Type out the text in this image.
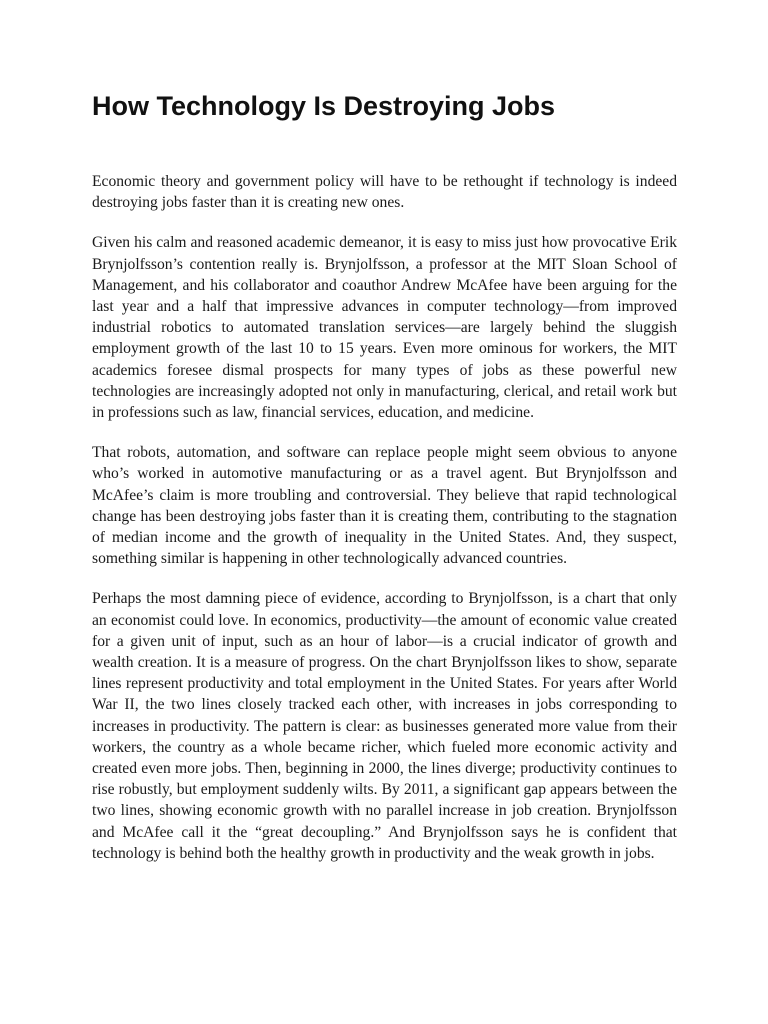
How Technology Is Destroying Jobs

Economic theory and government policy will have to be rethought if technology is indeed destroying jobs faster than it is creating new ones.

Given his calm and reasoned academic demeanor, it is easy to miss just how provocative Erik Brynjolfsson’s contention really is. Brynjolfsson, a professor at the MIT Sloan School of Management, and his collaborator and coauthor Andrew McAfee have been arguing for the last year and a half that impressive advances in computer technology—from improved industrial robotics to automated translation services—are largely behind the sluggish employment growth of the last 10 to 15 years. Even more ominous for workers, the MIT academics foresee dismal prospects for many types of jobs as these powerful new technologies are increasingly adopted not only in manufacturing, clerical, and retail work but in professions such as law, financial services, education, and medicine.

That robots, automation, and software can replace people might seem obvious to anyone who’s worked in automotive manufacturing or as a travel agent. But Brynjolfsson and McAfee’s claim is more troubling and controversial. They believe that rapid technological change has been destroying jobs faster than it is creating them, contributing to the stagnation of median income and the growth of inequality in the United States. And, they suspect, something similar is happening in other technologically advanced countries.

Perhaps the most damning piece of evidence, according to Brynjolfsson, is a chart that only an economist could love. In economics, productivity—the amount of economic value created for a given unit of input, such as an hour of labor—is a crucial indicator of growth and wealth creation. It is a measure of progress. On the chart Brynjolfsson likes to show, separate lines represent productivity and total employment in the United States. For years after World War II, the two lines closely tracked each other, with increases in jobs corresponding to increases in productivity. The pattern is clear: as businesses generated more value from their workers, the country as a whole became richer, which fueled more economic activity and created even more jobs. Then, beginning in 2000, the lines diverge; productivity continues to rise robustly, but employment suddenly wilts. By 2011, a significant gap appears between the two lines, showing economic growth with no parallel increase in job creation. Brynjolfsson and McAfee call it the “great decoupling.” And Brynjolfsson says he is confident that technology is behind both the healthy growth in productivity and the weak growth in jobs.
